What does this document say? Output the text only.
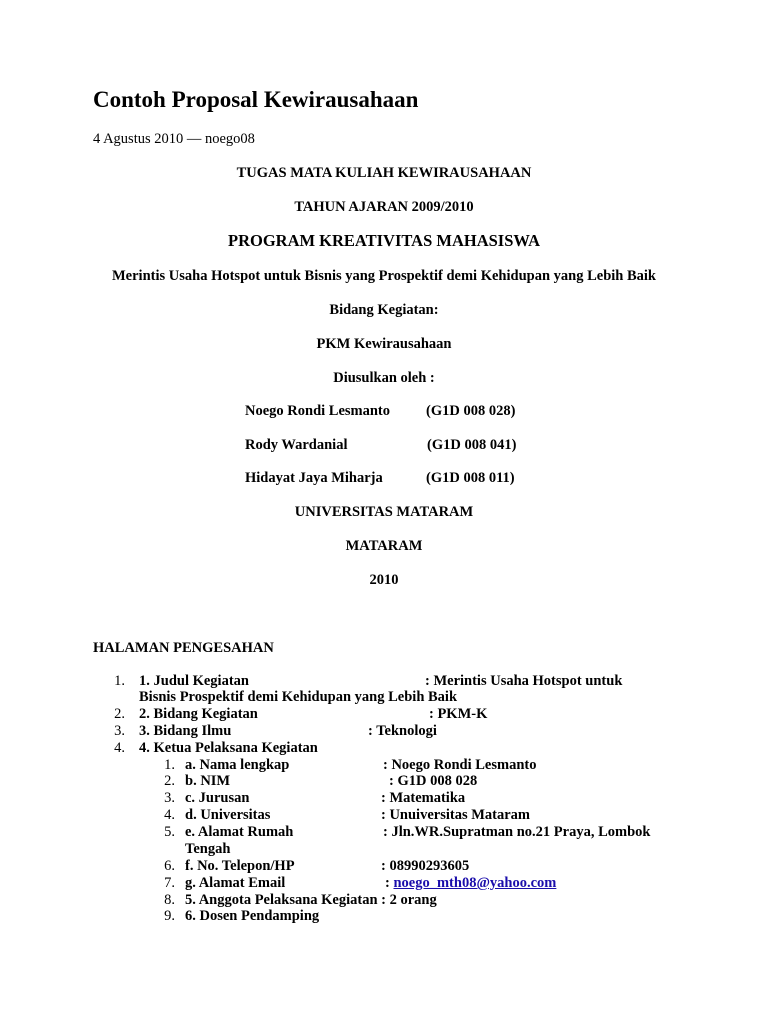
Contoh Proposal Kewirausahaan
4 Agustus 2010 — noego08
TUGAS MATA KULIAH KEWIRAUSAHAAN
TAHUN AJARAN 2009/2010
PROGRAM KREATIVITAS MAHASISWA
Merintis Usaha Hotspot untuk Bisnis yang Prospektif demi Kehidupan yang Lebih Baik
Bidang Kegiatan:
PKM Kewirausahaan
Diusulkan oleh :
Noego Rondi Lesmanto (G1D 008 028)
Rody Wardanial	(G1D 008 041)
Hidayat Jaya Miharja	(G1D 008 011)
UNIVERSITAS MATARAM
MATARAM
2010
HALAMAN PENGESAHAN
1. 1. Judul Kegiatan	: Merintis Usaha Hotspot untuk
Bisnis Prospektif demi Kehidupan yang Lebih Baik
2. 2. Bidang Kegiatan	: PKM-K
3. 3. Bidang Ilmu	: Teknologi
4. 4. Ketua Pelaksana Kegiatan
1. a. Nama lengkap	: Noego Rondi Lesmanto
2. b. NIM	: G1D 008 028
3. c. Jurusan	: Matematika
4. d. Universitas	: Unuiversitas Mataram
5. e. Alamat Rumah	: Jln.WR.Supratman no.21 Praya, Lombok
Tengah
6. f. No. Telepon/HP	: 08990293605
7. g. Alamat Email	: noego_mth08@yahoo.com
8. 5. Anggota Pelaksana Kegiatan : 2 orang
9. 6. Dosen Pendamping
